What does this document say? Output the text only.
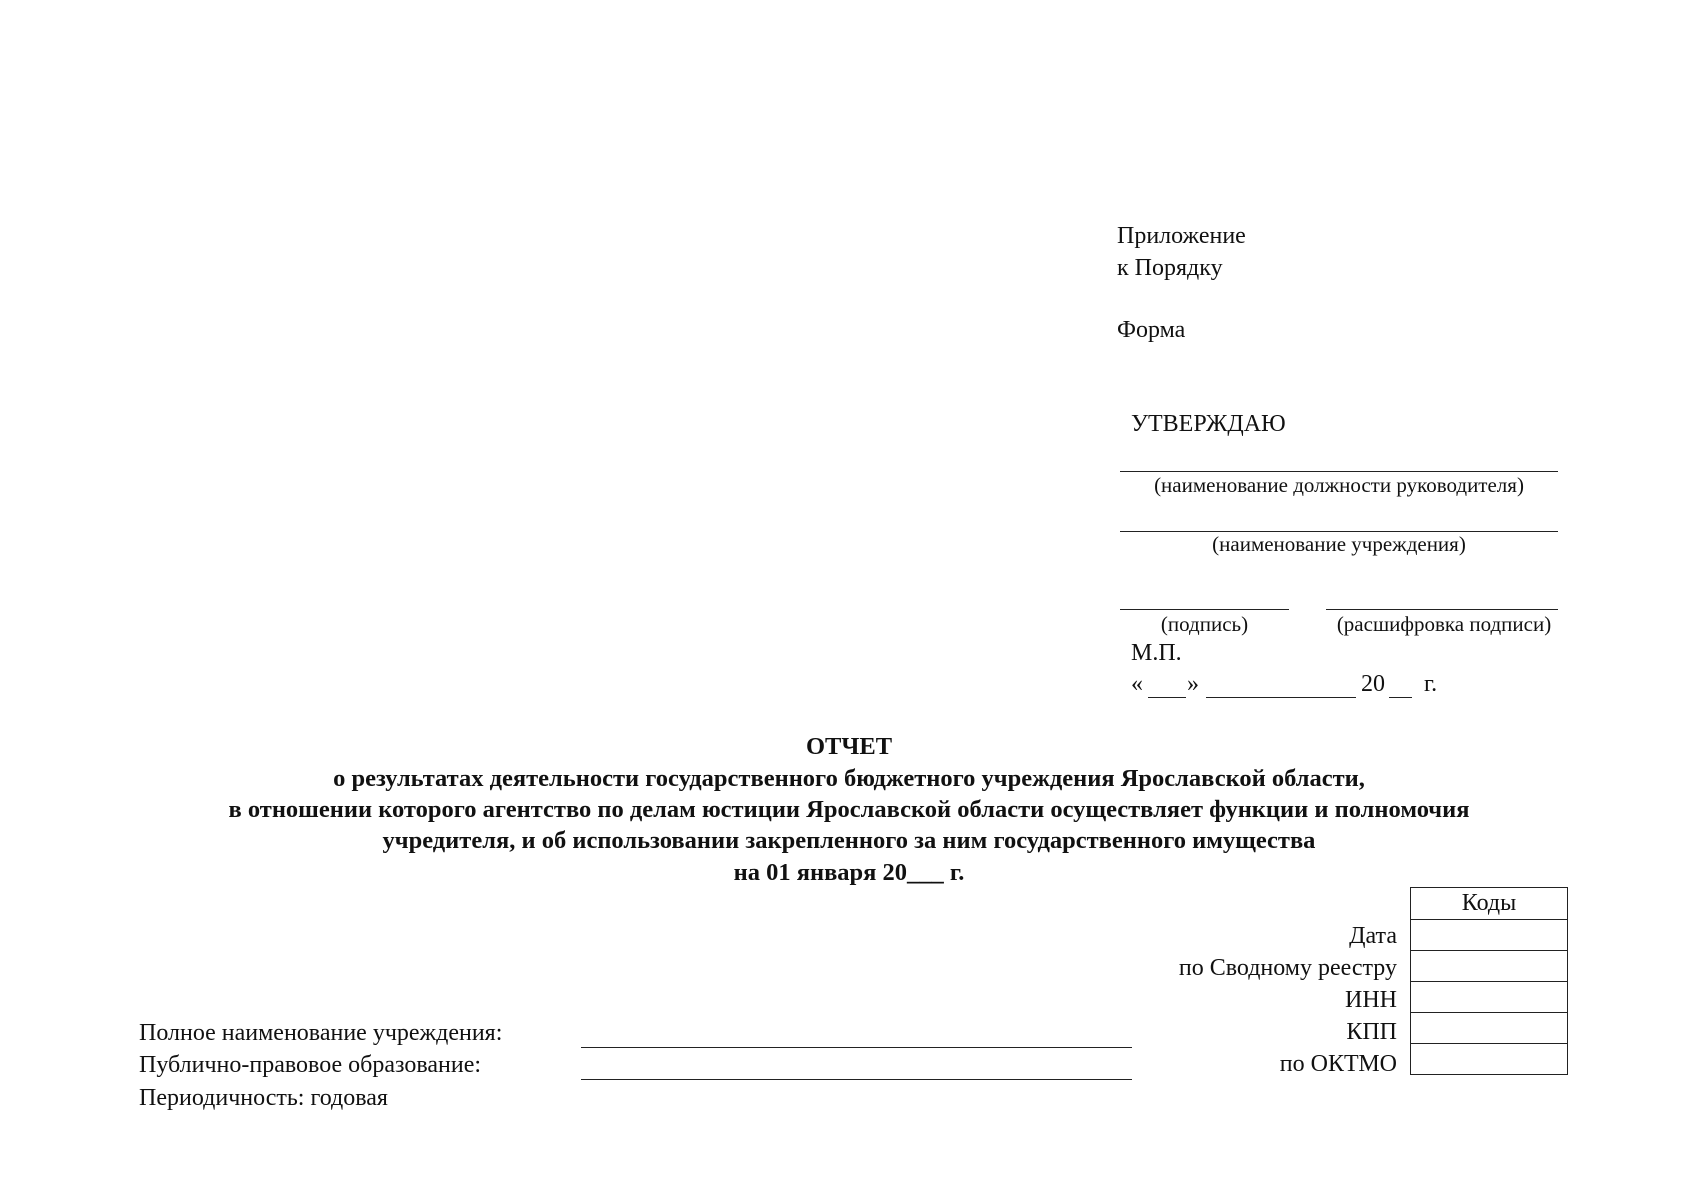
Приложение
к Порядку
Форма
УТВЕРЖДАЮ
(наименование должности руководителя)
(наименование учреждения)
(подпись)	(расшифровка подписи)
М.П.
« »	20 г.
ОТЧЕТ
о результатах деятельности государственного бюджетного учреждения Ярославской области,
в отношении которого агентство по делам юстиции Ярославской области осуществляет функции и полномочия
учредителя, и об использовании закрепленного за ним государственного имущества
на 01 января 20___ г.
Коды
Дата
по Сводному реестру
ИНН
КПП
по ОКТМО
Полное наименование учреждения:
Публично-правовое образование:
Периодичность: годовая
